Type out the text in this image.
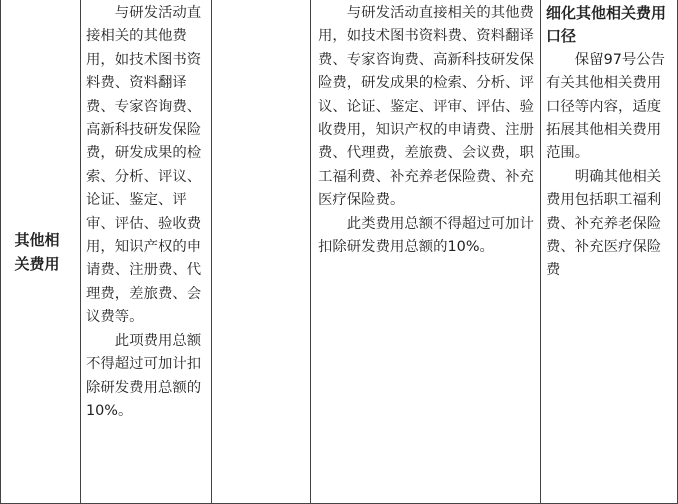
其他相关费用

与研发活动直接相关的其他费用，如技术图书资料费、资料翻译费、专家咨询费、高新科技研发保险费，研发成果的检索、分析、评议、论证、鉴定、评审、评估、验收费用，知识产权的申请费、注册费、代理费，差旅费、会议费等。

此项费用总额不得超过可加计扣除研发费用总额的10%。

与研发活动直接相关的其他费用，如技术图书资料费、资料翻译费、专家咨询费、高新科技研发保险费，研发成果的检索、分析、评议、论证、鉴定、评审、评估、验收费用，知识产权的申请费、注册费、代理费，差旅费、会议费，职工福利费、补充养老保险费、补充医疗保险费。

此类费用总额不得超过可加计扣除研发费用总额的10%。

细化其他相关费用口径

保留97号公告有关其他相关费用口径等内容，适度拓展其他相关费用范围。

明确其他相关费用包括职工福利费、补充养老保险费、补充医疗保险费
